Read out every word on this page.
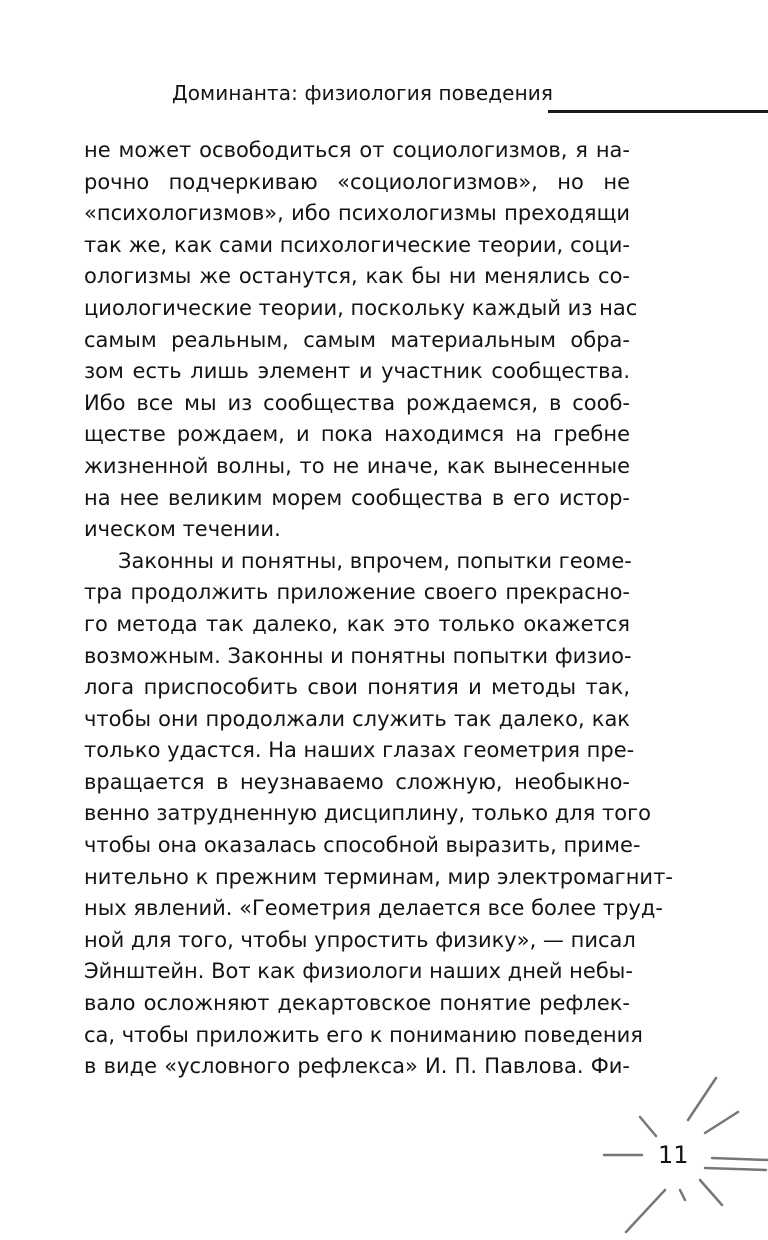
Доминанта: физиология поведения
не может освободиться от социологизмов, я на-
рочно подчеркиваю «социологизмов», но не
«психологизмов», ибо психологизмы преходящи
так же, как сами психологические теории, соци-
ологизмы же останутся, как бы ни менялись со-
циологические теории, поскольку каждый из нас
самым реальным, самым материальным обра-
зом есть лишь элемент и участник сообщества.
Ибо все мы из сообщества рождаемся, в сооб-
ществе рождаем, и пока находимся на гребне
жизненной волны, то не иначе, как вынесенные
на нее великим морем сообщества в его истор-
ическом течении.
Законны и понятны, впрочем, попытки геоме-
тра продолжить приложение своего прекрасно-
го метода так далеко, как это только окажется
возможным. Законны и понятны попытки физио-
лога приспособить свои понятия и методы так,
чтобы они продолжали служить так далеко, как
только удастся. На наших глазах геометрия пре-
вращается в неузнаваемо сложную, необыкно-
венно затрудненную дисциплину, только для того
чтобы она оказалась способной выразить, приме-
нительно к прежним терминам, мир электромагнит-
ных явлений. «Геометрия делается все более труд-
ной для того, чтобы упростить физику», — писал
Эйнштейн. Вот как физиологи наших дней небы-
вало осложняют декартовское понятие рефлек-
са, чтобы приложить его к пониманию поведения
в виде «условного рефлекса» И. П. Павлова. Фи-
11
